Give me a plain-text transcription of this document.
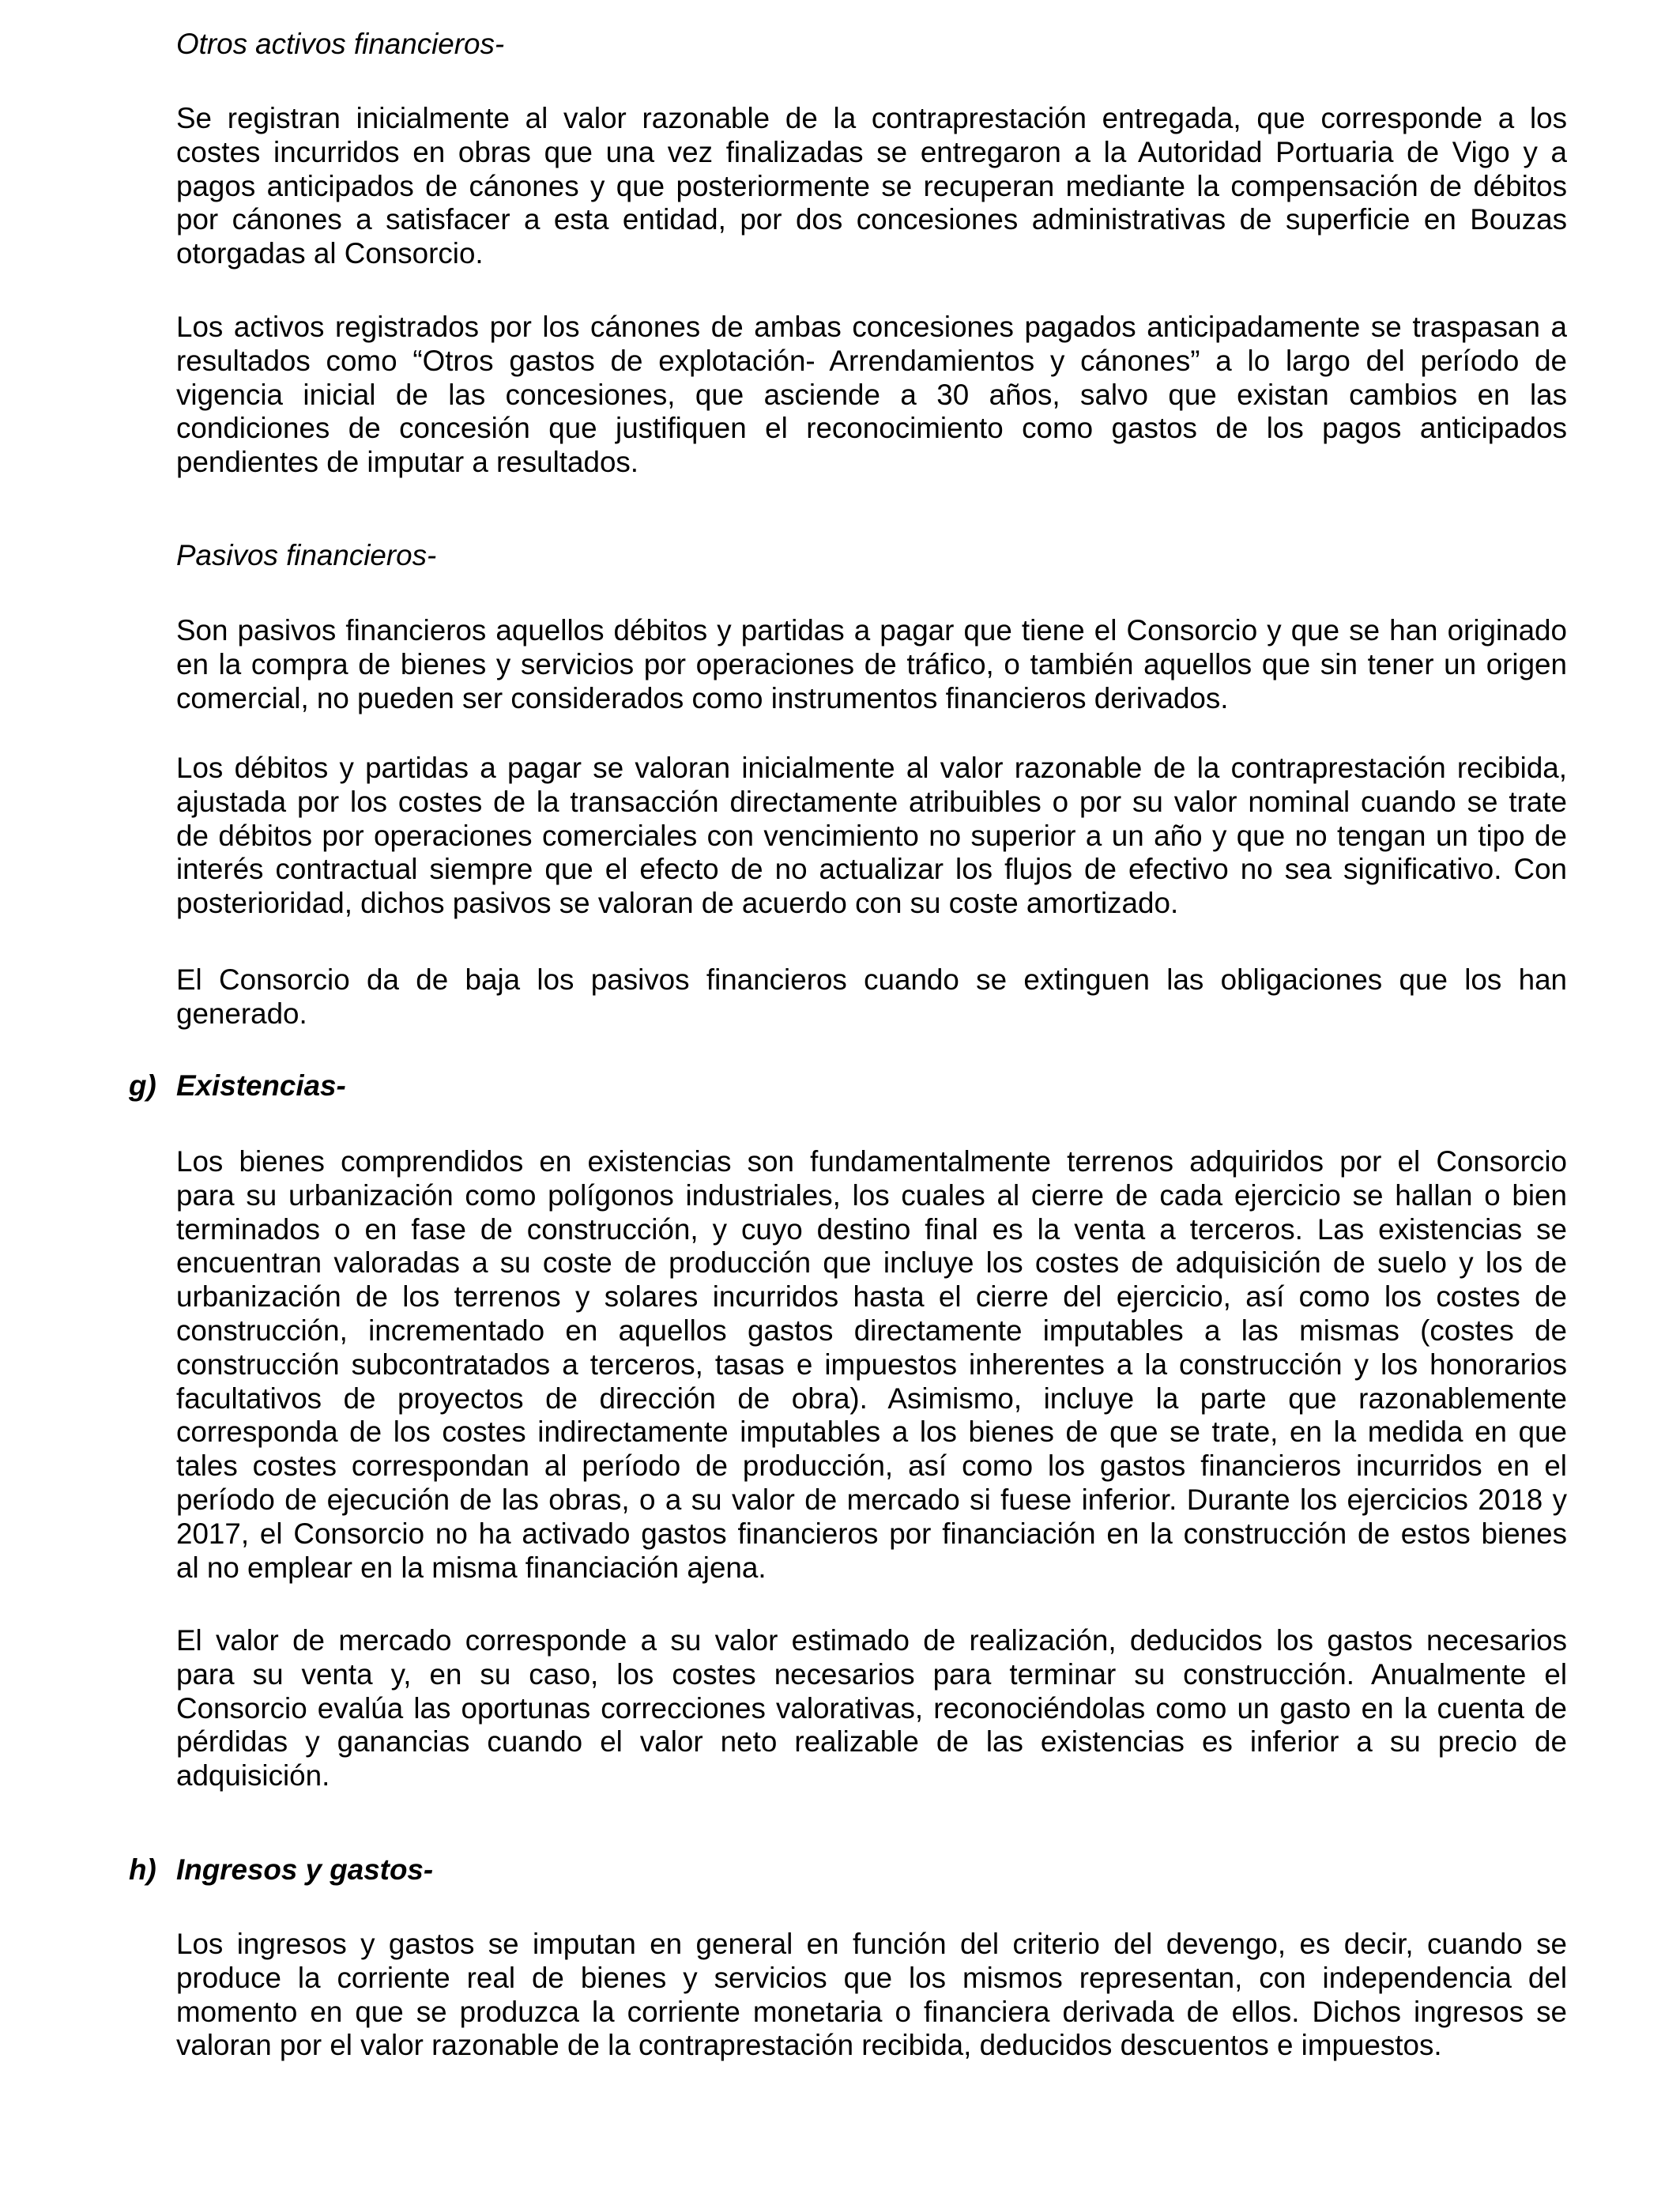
Otros activos financieros-
Se registran inicialmente al valor razonable de la contraprestación entregada, que corresponde a los
costes incurridos en obras que una vez finalizadas se entregaron a la Autoridad Portuaria de Vigo y a
pagos anticipados de cánones y que posteriormente se recuperan mediante la compensación de débitos
por cánones a satisfacer a esta entidad, por dos concesiones administrativas de superficie en Bouzas
otorgadas al Consorcio.
Los activos registrados por los cánones de ambas concesiones pagados anticipadamente se traspasan a
resultados como “Otros gastos de explotación- Arrendamientos y cánones” a lo largo del período de
vigencia inicial de las concesiones, que asciende a 30 años, salvo que existan cambios en las
condiciones de concesión que justifiquen el reconocimiento como gastos de los pagos anticipados
pendientes de imputar a resultados.
Pasivos financieros-
Son pasivos financieros aquellos débitos y partidas a pagar que tiene el Consorcio y que se han originado
en la compra de bienes y servicios por operaciones de tráfico, o también aquellos que sin tener un origen
comercial, no pueden ser considerados como instrumentos financieros derivados.
Los débitos y partidas a pagar se valoran inicialmente al valor razonable de la contraprestación recibida,
ajustada por los costes de la transacción directamente atribuibles o por su valor nominal cuando se trate
de débitos por operaciones comerciales con vencimiento no superior a un año y que no tengan un tipo de
interés contractual siempre que el efecto de no actualizar los flujos de efectivo no sea significativo. Con
posterioridad, dichos pasivos se valoran de acuerdo con su coste amortizado.
El Consorcio da de baja los pasivos financieros cuando se extinguen las obligaciones que los han
generado.
g) Existencias-
Los bienes comprendidos en existencias son fundamentalmente terrenos adquiridos por el Consorcio
para su urbanización como polígonos industriales, los cuales al cierre de cada ejercicio se hallan o bien
terminados o en fase de construcción, y cuyo destino final es la venta a terceros. Las existencias se
encuentran valoradas a su coste de producción que incluye los costes de adquisición de suelo y los de
urbanización de los terrenos y solares incurridos hasta el cierre del ejercicio, así como los costes de
construcción, incrementado en aquellos gastos directamente imputables a las mismas (costes de
construcción subcontratados a terceros, tasas e impuestos inherentes a la construcción y los honorarios
facultativos de proyectos de dirección de obra). Asimismo, incluye la parte que razonablemente
corresponda de los costes indirectamente imputables a los bienes de que se trate, en la medida en que
tales costes correspondan al período de producción, así como los gastos financieros incurridos en el
período de ejecución de las obras, o a su valor de mercado si fuese inferior. Durante los ejercicios 2018 y
2017, el Consorcio no ha activado gastos financieros por financiación en la construcción de estos bienes
al no emplear en la misma financiación ajena.
El valor de mercado corresponde a su valor estimado de realización, deducidos los gastos necesarios
para su venta y, en su caso, los costes necesarios para terminar su construcción. Anualmente el
Consorcio evalúa las oportunas correcciones valorativas, reconociéndolas como un gasto en la cuenta de
pérdidas y ganancias cuando el valor neto realizable de las existencias es inferior a su precio de
adquisición.
h) Ingresos y gastos-
Los ingresos y gastos se imputan en general en función del criterio del devengo, es decir, cuando se
produce la corriente real de bienes y servicios que los mismos representan, con independencia del
momento en que se produzca la corriente monetaria o financiera derivada de ellos. Dichos ingresos se
valoran por el valor razonable de la contraprestación recibida, deducidos descuentos e impuestos.
